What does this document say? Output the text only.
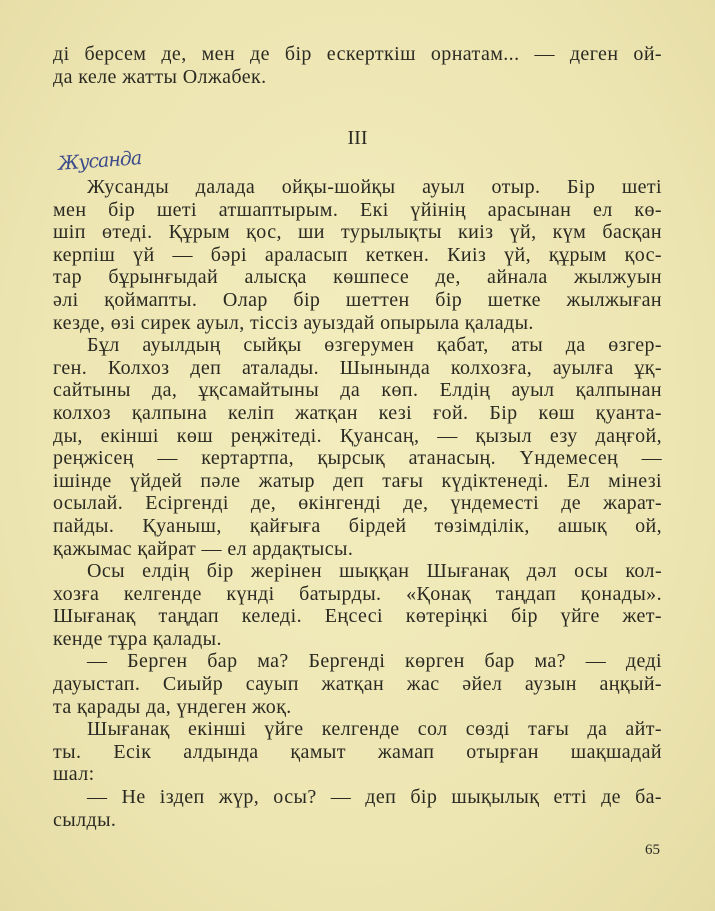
ді берсем де, мен де бір ескерткіш орнатам... — деген ой-
да келе жатты Олжабек.
III
Жусанда
Жусанды далада ойқы-шойқы ауыл отыр. Бір шеті
мен бір шеті атшаптырым. Екі үйінің арасынан ел кө-
шіп өтеді. Құрым қос, ши турылықты киіз үй, күм басқан
керпіш үй — бәрі араласып кеткен. Киіз үй, құрым қос-
тар бұрынғыдай алысқа көшпесе де, айнала жылжуын
әлі қоймапты. Олар бір шеттен бір шетке жылжыған
кезде, өзі сирек ауыл, тіссіз ауыздай опырыла қалады.
Бұл ауылдың сыйқы өзгерумен қабат, аты да өзгер-
ген. Колхоз деп аталады. Шынында колхозға, ауылға ұқ-
сайтыны да, ұқсамайтыны да көп. Елдің ауыл қалпынан
колхоз қалпына келіп жатқан кезі ғой. Бір көш қуанта-
ды, екінші көш реңжітеді. Қуансаң, — қызыл езу даңғой,
реңжісең — кертартпа, қырсық атанасың. Үндемесең —
ішінде үйдей пәле жатыр деп тағы күдіктенеді. Ел мінезі
осылай. Есіргенді де, өкінгенді де, үндеместі де жарат-
пайды. Қуаныш, қайғыға бірдей төзімділік, ашық ой,
қажымас қайрат — ел ардақтысы.
Осы елдің бір жерінен шыққан Шығанақ дәл осы кол-
хозға келгенде күнді батырды. «Қонақ таңдап қонады».
Шығанақ таңдап келеді. Еңсесі көтеріңкі бір үйге жет-
кенде тұра қалады.
— Берген бар ма? Бергенді көрген бар ма? — деді
дауыстап. Сиыйр сауып жатқан жас әйел аузын аңқый-
та қарады да, үндеген жоқ.
Шығанақ екінші үйге келгенде сол сөзді тағы да айт-
ты. Есік алдында қамыт жамап отырған шақшадай
шал:
— Не іздеп жүр, осы? — деп бір шықылық етті де ба-
сылды.
65
